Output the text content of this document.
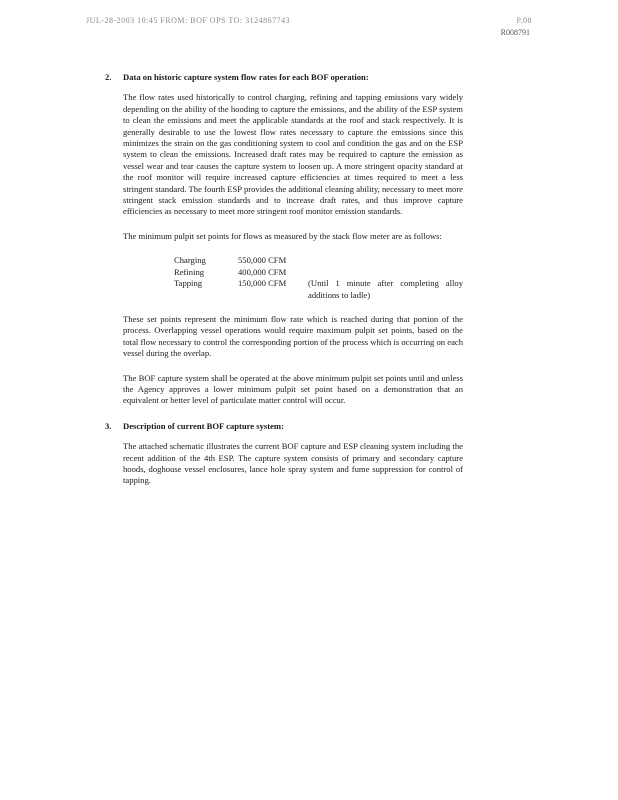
JUL-28-2003 10:45 FROM: BOF OPS TO: 3124867743	P.08
R008791
2.	Data on historic capture system flow rates for each BOF operation:

The flow rates used historically to control charging, refining and tapping emissions vary widely depending on the ability of the hooding to capture the emissions, and the ability of the ESP system to clean the emissions and meet the applicable standards at the roof and stack respectively. It is generally desirable to use the lowest flow rates necessary to capture the emissions since this minimizes the strain on the gas conditioning system to cool and condition the gas and on the ESP system to clean the emissions. Increased draft rates may be required to capture the emission as vessel wear and tear causes the capture system to loosen up. A more stringent opacity standard at the roof monitor will require increased capture efficiencies at times required to meet a less stringent standard. The fourth ESP provides the additional cleaning ability, necessary to meet more stringent stack emission standards and to increase draft rates, and thus improve capture efficiencies as necessary to meet more stringent roof monitor emission standards.

The minimum pulpit set points for flows as measured by the stack flow meter are as follows:

Charging	550,000 CFM
Refining	400,000 CFM
Tapping	150,000 CFM	(Until 1 minute after completing alloy additions to ladle)

These set points represent the minimum flow rate which is reached during that portion of the process. Overlapping vessel operations would require maximum pulpit set points, based on the total flow necessary to control the corresponding portion of the process which is occurring on each vessel during the overlap.

The BOF capture system shall be operated at the above minimum pulpit set points until and unless the Agency approves a lower minimum pulpit set point based on a demonstration that an equivalent or better level of particulate matter control will occur.

3.	Description of current BOF capture system:

The attached schematic illustrates the current BOF capture and ESP cleaning system including the recent addition of the 4th ESP. The capture system consists of primary and secondary capture hoods, doghouse vessel enclosures, lance hole spray system and fume suppression for control of tapping.
